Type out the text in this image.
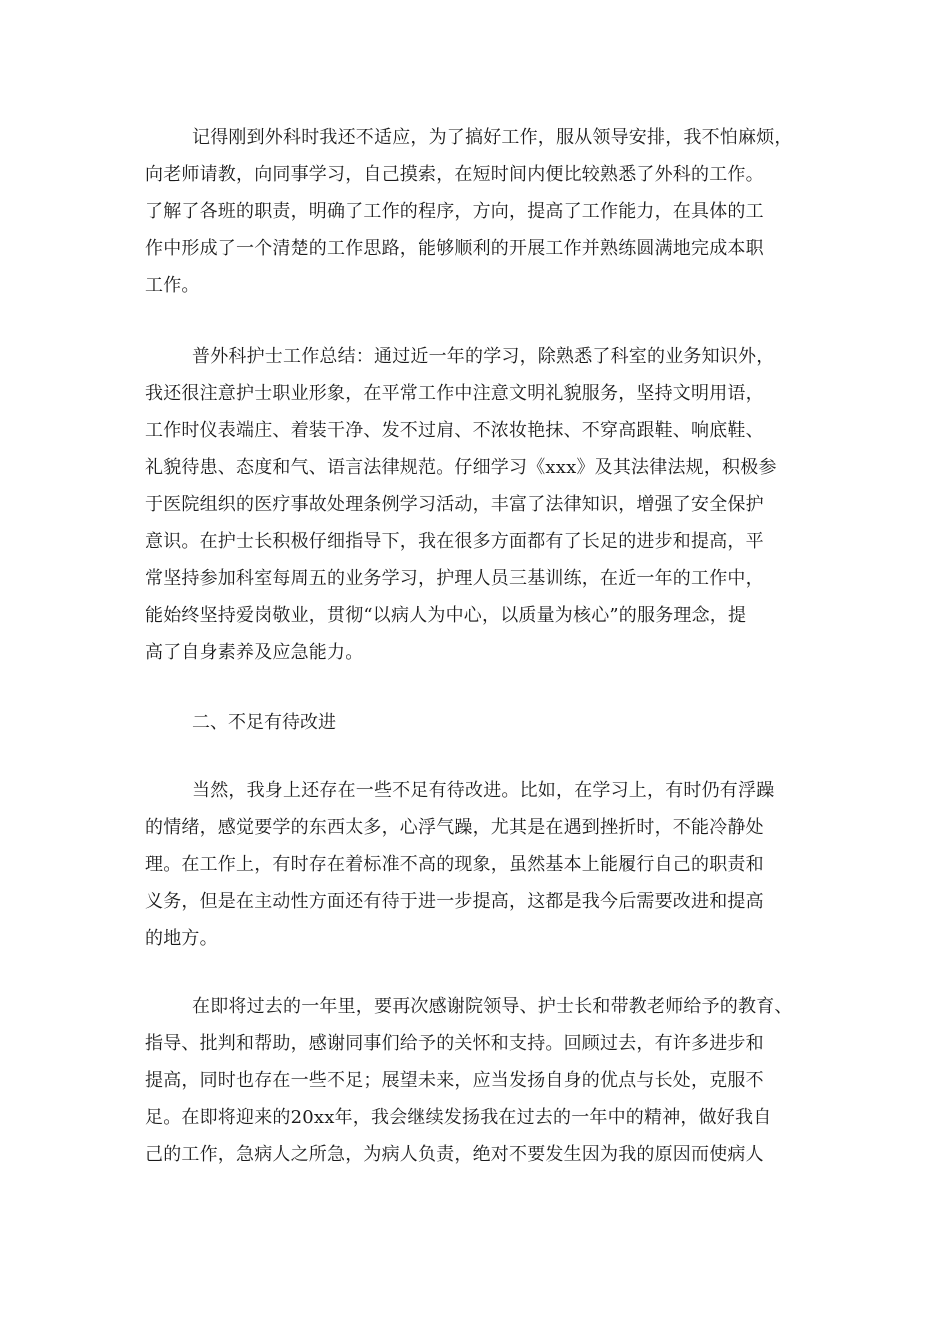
记得刚到外科时我还不适应，为了搞好工作，服从领导安排，我不怕麻烦，
向老师请教，向同事学习，自己摸索，在短时间内便比较熟悉了外科的工作。
了解了各班的职责，明确了工作的程序，方向，提高了工作能力，在具体的工
作中形成了一个清楚的工作思路，能够顺利的开展工作并熟练圆满地完成本职
工作。
普外科护士工作总结：通过近一年的学习，除熟悉了科室的业务知识外，
我还很注意护士职业形象，在平常工作中注意文明礼貌服务，坚持文明用语，
工作时仪表端庄、着装干净、发不过肩、不浓妆艳抹、不穿高跟鞋、响底鞋、
礼貌待患、态度和气、语言法律规范。仔细学习《xxx》及其法律法规，积极参
于医院组织的医疗事故处理条例学习活动，丰富了法律知识，增强了安全保护
意识。在护士长积极仔细指导下，我在很多方面都有了长足的进步和提高，平
常坚持参加科室每周五的业务学习，护理人员三基训练，在近一年的工作中，
能始终坚持爱岗敬业，贯彻“以病人为中心，以质量为核心”的服务理念，提
高了自身素养及应急能力。
二、不足有待改进
当然，我身上还存在一些不足有待改进。比如，在学习上，有时仍有浮躁
的情绪，感觉要学的东西太多，心浮气躁，尤其是在遇到挫折时，不能冷静处
理。在工作上，有时存在着标准不高的现象，虽然基本上能履行自己的职责和
义务，但是在主动性方面还有待于进一步提高，这都是我今后需要改进和提高
的地方。
在即将过去的一年里，要再次感谢院领导、护士长和带教老师给予的教育、
指导、批判和帮助，感谢同事们给予的关怀和支持。回顾过去，有许多进步和
提高，同时也存在一些不足；展望未来，应当发扬自身的优点与长处，克服不
足。在即将迎来的20xx年，我会继续发扬我在过去的一年中的精神，做好我自
己的工作，急病人之所急，为病人负责，绝对不要发生因为我的原因而使病人
